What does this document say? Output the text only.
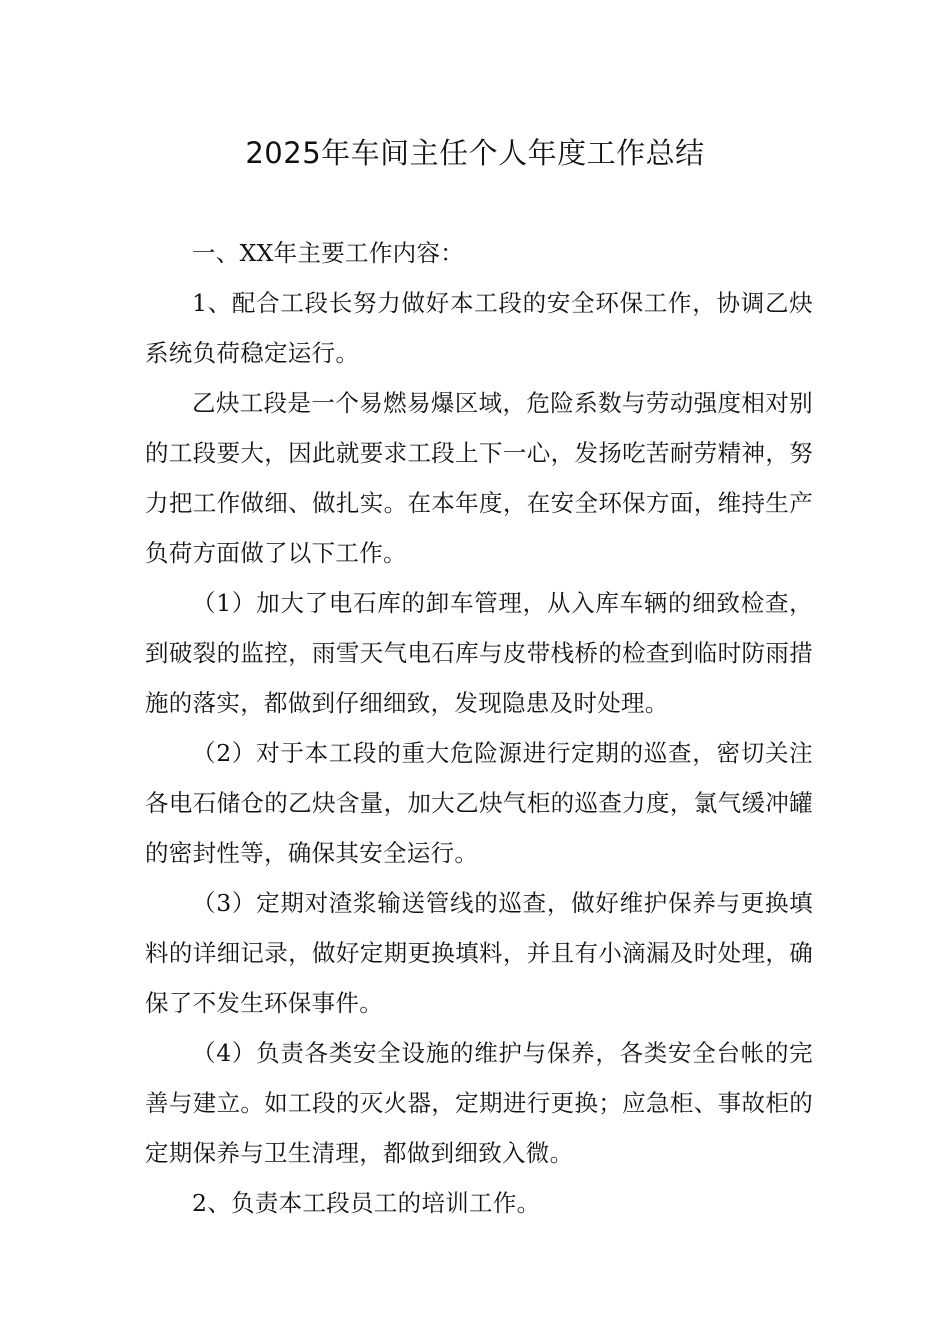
2025年车间主任个人年度工作总结

一、XX年主要工作内容：

1、配合工段长努力做好本工段的安全环保工作，协调乙炔系统负荷稳定运行。

乙炔工段是一个易燃易爆区域，危险系数与劳动强度相对别的工段要大，因此就要求工段上下一心，发扬吃苦耐劳精神，努力把工作做细、做扎实。在本年度，在安全环保方面，维持生产负荷方面做了以下工作。

（1）加大了电石库的卸车管理，从入库车辆的细致检查，到破裂的监控，雨雪天气电石库与皮带栈桥的检查到临时防雨措施的落实，都做到仔细细致，发现隐患及时处理。

（2）对于本工段的重大危险源进行定期的巡查，密切关注各电石储仓的乙炔含量，加大乙炔气柜的巡查力度，氯气缓冲罐的密封性等，确保其安全运行。

（3）定期对渣浆输送管线的巡查，做好维护保养与更换填料的详细记录，做好定期更换填料，并且有小滴漏及时处理，确保了不发生环保事件。

（4）负责各类安全设施的维护与保养，各类安全台帐的完善与建立。如工段的灭火器，定期进行更换；应急柜、事故柜的定期保养与卫生清理，都做到细致入微。

2、负责本工段员工的培训工作。
